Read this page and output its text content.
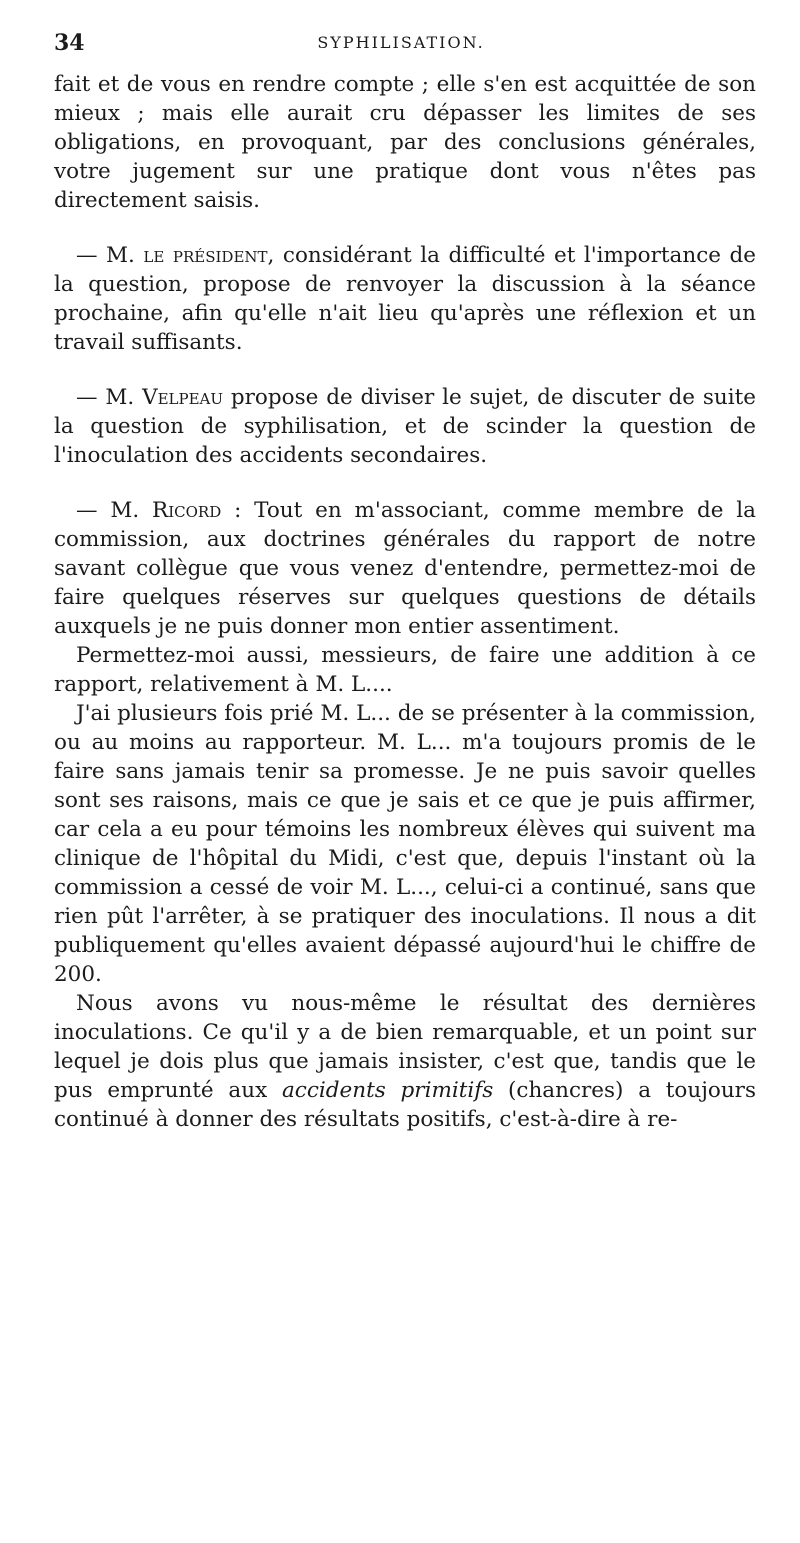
34	SYPHILISATION.

fait et de vous en rendre compte ; elle s'en est acquittée de son mieux ; mais elle aurait cru dépasser les limites de ses obligations, en provoquant, par des conclusions générales, votre jugement sur une pratique dont vous n'êtes pas directement saisis.

— M. le président, considérant la difficulté et l'importance de la question, propose de renvoyer la discussion à la séance prochaine, afin qu'elle n'ait lieu qu'après une réflexion et un travail suffisants.

— M. Velpeau propose de diviser le sujet, de discuter de suite la question de syphilisation, et de scinder la question de l'inoculation des accidents secondaires.

— M. Ricord : Tout en m'associant, comme membre de la commission, aux doctrines générales du rapport de notre savant collègue que vous venez d'entendre, permettez-moi de faire quelques réserves sur quelques questions de détails auxquels je ne puis donner mon entier assentiment.

Permettez-moi aussi, messieurs, de faire une addition à ce rapport, relativement à M. L....

J'ai plusieurs fois prié M. L... de se présenter à la commission, ou au moins au rapporteur. M. L... m'a toujours promis de le faire sans jamais tenir sa promesse. Je ne puis savoir quelles sont ses raisons, mais ce que je sais et ce que je puis affirmer, car cela a eu pour témoins les nombreux élèves qui suivent ma clinique de l'hôpital du Midi, c'est que, depuis l'instant où la commission a cessé de voir M. L..., celui-ci a continué, sans que rien pût l'arrêter, à se pratiquer des inoculations. Il nous a dit publiquement qu'elles avaient dépassé aujourd'hui le chiffre de 200.

Nous avons vu nous-même le résultat des dernières inoculations. Ce qu'il y a de bien remarquable, et un point sur lequel je dois plus que jamais insister, c'est que, tandis que le pus emprunté aux accidents primitifs (chancres) a toujours continué à donner des résultats positifs, c'est-à-dire à re-
